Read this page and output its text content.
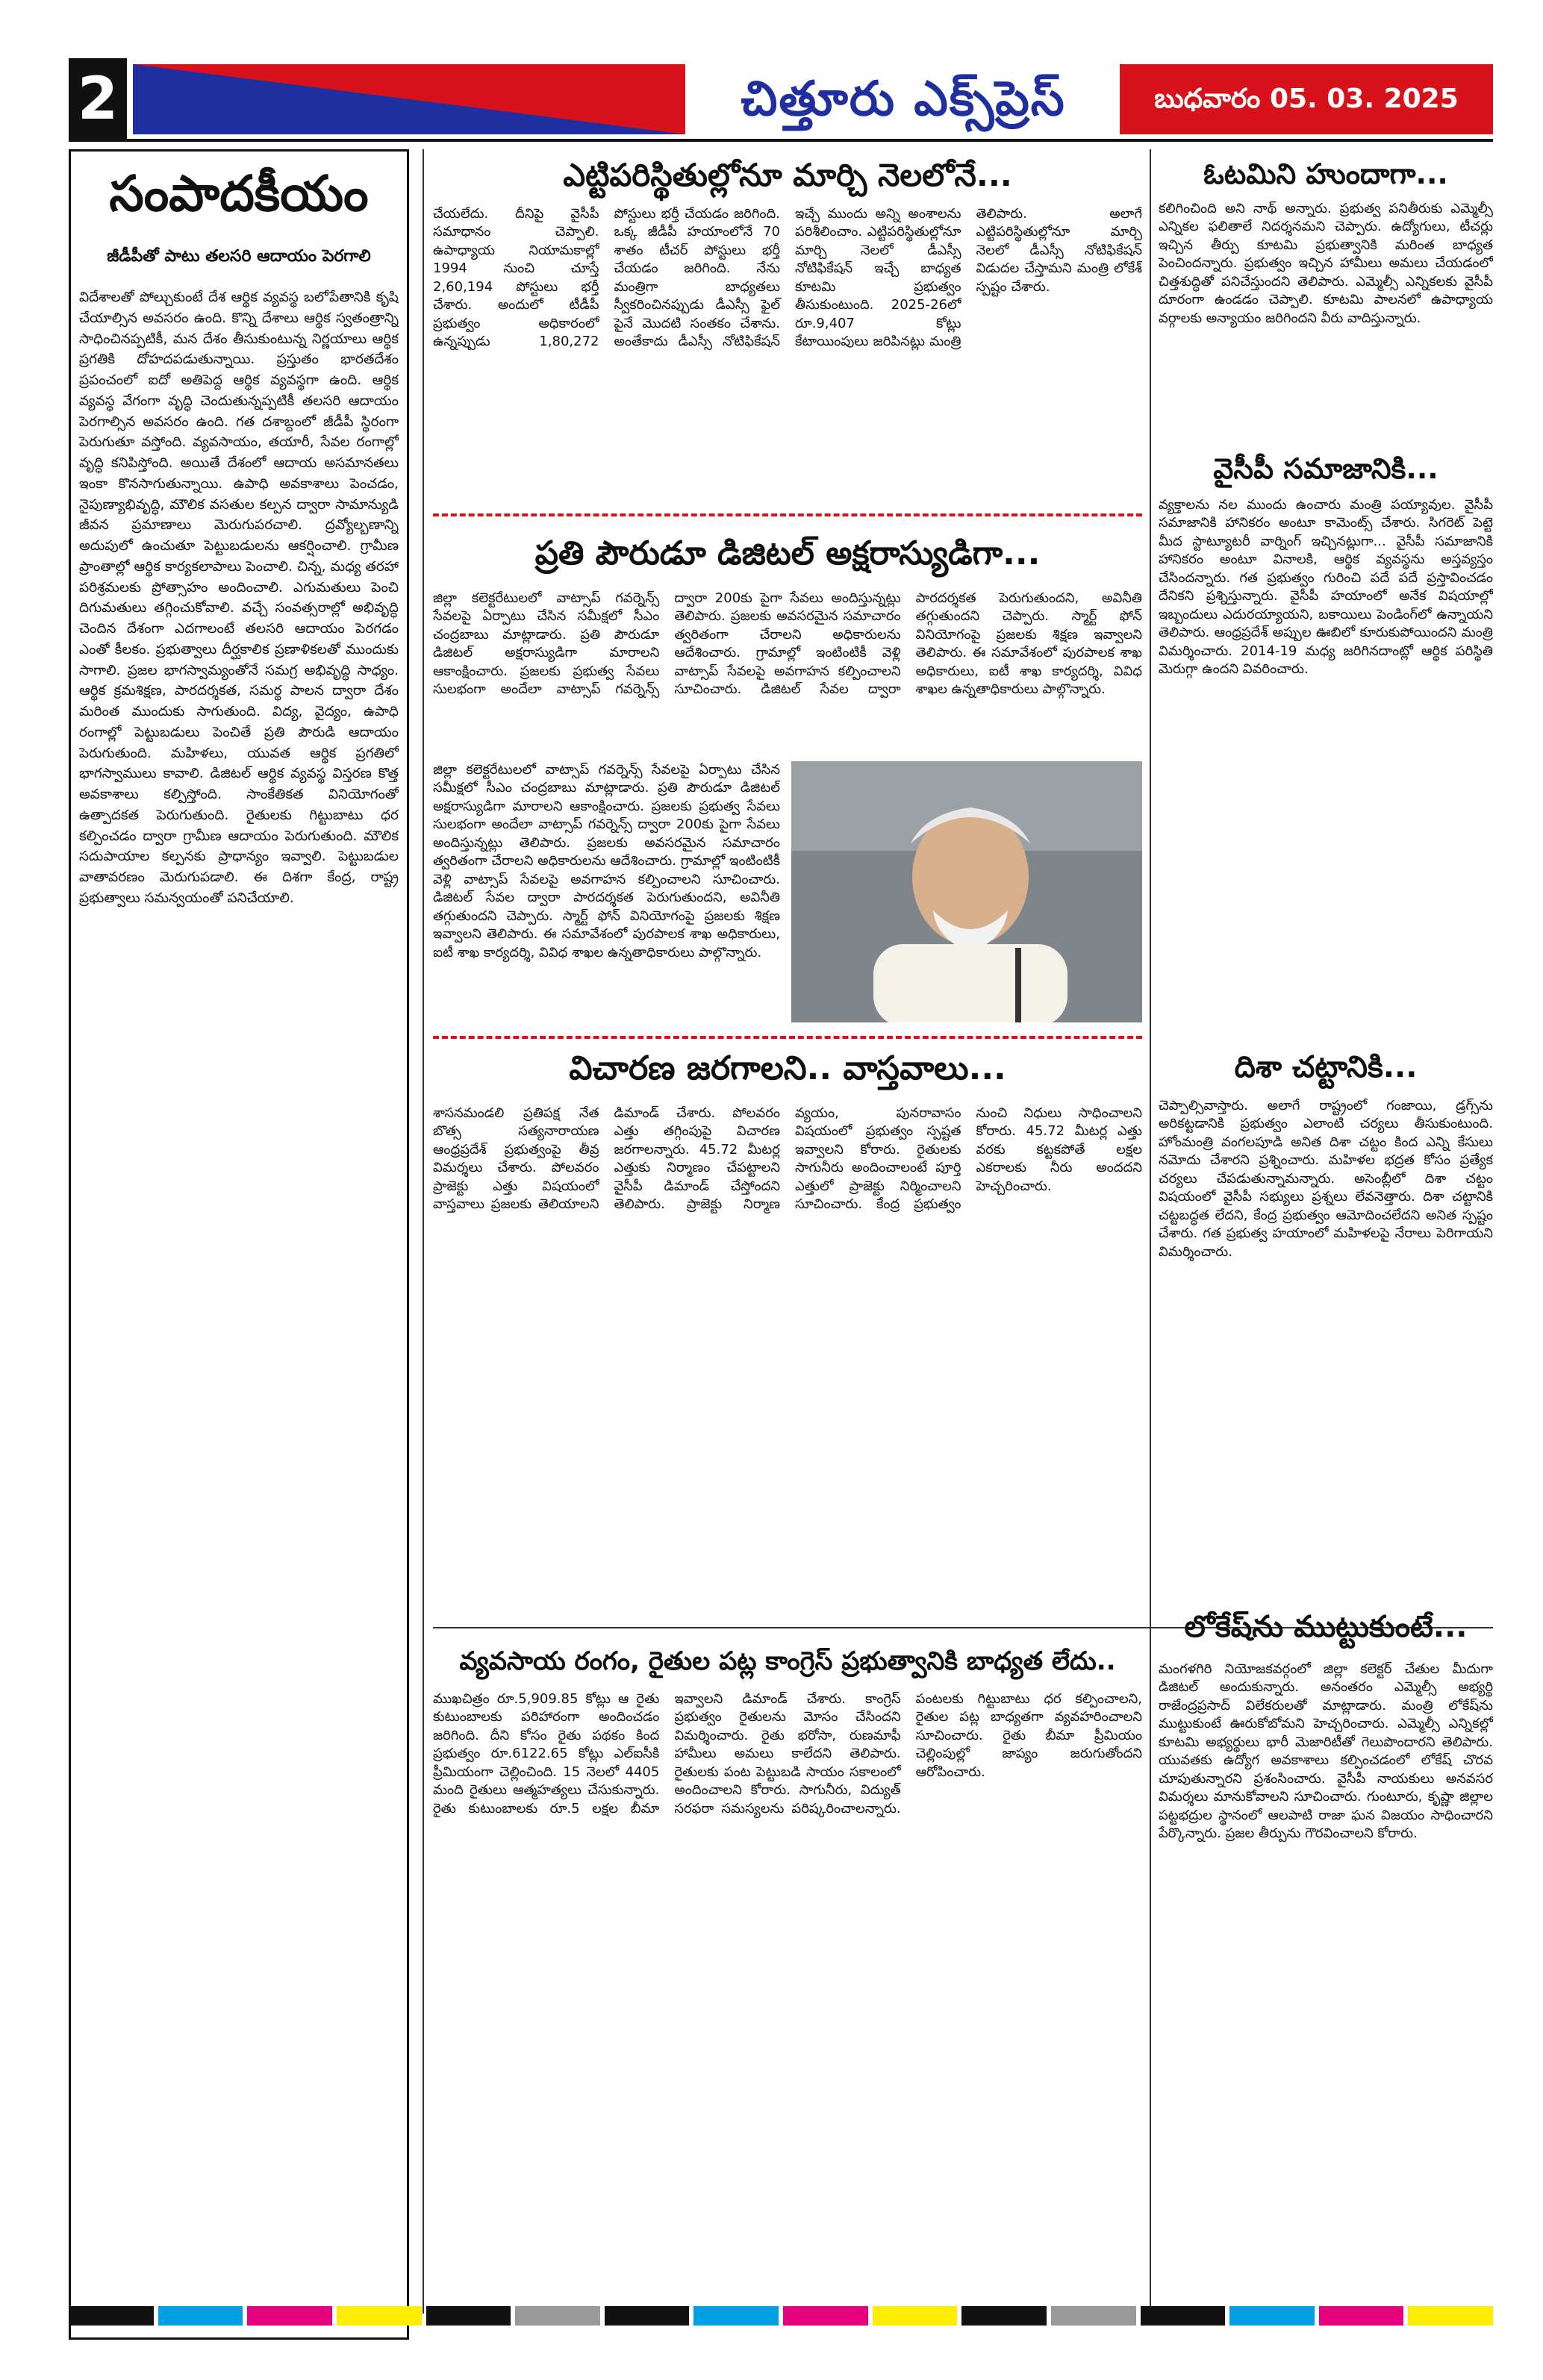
2	చిత్తూరు ఎక్స్‌ప్రెస్	బుధవారం 05. 03. 2025
సంపాదకీయం
జీడీపీతో పాటు తలసరి ఆదాయం పెరగాలి

విదేశాలతో పోల్చుకుంటే దేశ ఆర్థిక వ్యవస్థ బలోపేతానికి కృషి చేయాల్సిన అవసరం ఉంది. కొన్ని దేశాలు ఆర్థిక స్వతంత్రాన్ని సాధించినప్పటికీ, మన దేశం తీసుకుంటున్న నిర్ణయాలు ఆర్థిక ప్రగతికి దోహదపడుతున్నాయి. ప్రస్తుతం భారతదేశం ప్రపంచంలో ఐదో అతిపెద్ద ఆర్థిక వ్యవస్థగా ఉంది. ఆర్థిక వ్యవస్థ వేగంగా వృద్ధి చెందుతున్నప్పటికీ తలసరి ఆదాయం పెరగాల్సిన అవసరం ఉంది. గత దశాబ్దంలో జీడీపీ స్థిరంగా పెరుగుతూ వస్తోంది. వ్యవసాయం, తయారీ, సేవల రంగాల్లో వృద్ధి కనిపిస్తోంది. అయితే దేశంలో ఆదాయ అసమానతలు ఇంకా కొనసాగుతున్నాయి. ఉపాధి అవకాశాలు పెంచడం, నైపుణ్యాభివృద్ధి, మౌలిక వసతుల కల్పన ద్వారా సామాన్యుడి జీవన ప్రమాణాలు మెరుగుపరచాలి. ద్రవ్యోల్బణాన్ని అదుపులో ఉంచుతూ పెట్టుబడులను ఆకర్షించాలి. గ్రామీణ ప్రాంతాల్లో ఆర్థిక కార్యకలాపాలు పెంచాలి. చిన్న, మధ్య తరహా పరిశ్రమలకు ప్రోత్సాహం అందించాలి. ఎగుమతులు పెంచి దిగుమతులు తగ్గించుకోవాలి. వచ్చే సంవత్సరాల్లో అభివృద్ధి చెందిన దేశంగా ఎదగాలంటే తలసరి ఆదాయం పెరగడం ఎంతో కీలకం. ప్రభుత్వాలు దీర్ఘకాలిక ప్రణాళికలతో ముందుకు సాగాలి. ప్రజల భాగస్వామ్యంతోనే సమగ్ర అభివృద్ధి సాధ్యం. ఆర్థిక క్రమశిక్షణ, పారదర్శకత, సమర్థ పాలన ద్వారా దేశం మరింత ముందుకు సాగుతుంది. విద్య, వైద్యం, ఉపాధి రంగాల్లో పెట్టుబడులు పెంచితే ప్రతి పౌరుడి ఆదాయం పెరుగుతుంది. మహిళలు, యువత ఆర్థిక ప్రగతిలో భాగస్వాములు కావాలి. డిజిటల్ ఆర్థిక వ్యవస్థ విస్తరణ కొత్త అవకాశాలు కల్పిస్తోంది. సాంకేతికత వినియోగంతో ఉత్పాదకత పెరుగుతుంది. రైతులకు గిట్టుబాటు ధర కల్పించడం ద్వారా గ్రామీణ ఆదాయం పెరుగుతుంది. మౌలిక సదుపాయాల కల్పనకు ప్రాధాన్యం ఇవ్వాలి. పెట్టుబడుల వాతావరణం మెరుగుపడాలి. ఈ దిశగా కేంద్ర, రాష్ట్ర ప్రభుత్వాలు సమన్వయంతో పనిచేయాలి.

ఎట్టిపరిస్థితుల్లోనూ మార్చి నెలలోనే...

చేయలేదు. దీనిపై వైసీపీ సమాధానం చెప్పాలి. ఉపాధ్యాయ నియామకాల్లో 1994 నుంచి చూస్తే 2,60,194 పోస్టులు భర్తీ చేశారు. అందులో టీడీపీ ప్రభుత్వం అధికారంలో ఉన్నప్పుడు 1,80,272 పోస్టులు భర్తీ చేయడం జరిగింది. ఒక్క జీడీపీ హయాంలోనే 70 శాతం టీచర్ పోస్టులు భర్తీ చేయడం జరిగింది. నేను మంత్రిగా బాధ్యతలు స్వీకరించినప్పుడు డీఎస్సీ ఫైల్ పైనే మొదటి సంతకం చేశాను. అంతేకాదు డీఎస్సీ నోటిఫికేషన్ ఇచ్చే ముందు అన్ని అంశాలను పరిశీలించాం. ఎట్టిపరిస్థితుల్లోనూ మార్చి నెలలో డీఎస్సీ నోటిఫికేషన్ ఇచ్చే బాధ్యత కూటమి ప్రభుత్వం తీసుకుంటుంది. 2025-26లో రూ.9,407 కోట్లు కేటాయింపులు జరిపినట్లు మంత్రి తెలిపారు. అలాగే ఎట్టిపరిస్థితుల్లోనూ మార్చి నెలలో డీఎస్సీ నోటిఫికేషన్ విడుదల చేస్తామని మంత్రి లోకేశ్ స్పష్టం చేశారు.

ఓటమిని హుందాగా...

కలిగించింది అని నాథ్ అన్నారు. ప్రభుత్వ పనితీరుకు ఎమ్మెల్సీ ఎన్నికల ఫలితాలే నిదర్శనమని చెప్పారు. ఉద్యోగులు, టీచర్లు ఇచ్చిన తీర్పు కూటమి ప్రభుత్వానికి మరింత బాధ్యత పెంచిందన్నారు. ప్రభుత్వం ఇచ్చిన హామీలు అమలు చేయడంలో చిత్తశుద్ధితో పనిచేస్తుందని తెలిపారు. ఎమ్మెల్సీ ఎన్నికలకు వైసీపీ దూరంగా ఉండడం చెప్పాలి. కూటమి పాలనలో ఉపాధ్యాయ వర్గాలకు అన్యాయం జరిగిందని వీరు వాదిస్తున్నారు.

వైసీపీ సమాజానికి...

వ్యక్తాలను నల ముందు ఉంచారు మంత్రి పయ్యావుల. వైసీపీ సమాజానికి హానికరం అంటూ కామెంట్స్ చేశారు. సిగరెట్ పెట్టె మీద స్టాట్యూటరీ వార్నింగ్ ఇచ్చినట్లుగా... వైసీపీ సమాజానికి హానికరం అంటూ వినాలకి, ఆర్థిక వ్యవస్థను అస్తవ్యస్తం చేసిందన్నారు. గత ప్రభుత్వం గురించి పదే పదే ప్రస్తావించడం దేనికని ప్రశ్నిస్తున్నారు. వైసీపీ హయాంలో అనేక విషయాల్లో ఇబ్బందులు ఎదురయ్యాయని, బకాయిలు పెండింగ్‌లో ఉన్నాయని తెలిపారు. ఆంధ్రప్రదేశ్ అప్పుల ఊబిలో కూరుకుపోయిందని మంత్రి విమర్శించారు. 2014-19 మధ్య జరిగినదాంట్లో ఆర్థిక పరిస్థితి మెరుగ్గా ఉందని వివరించారు.

ప్రతి పౌరుడూ డిజిటల్ అక్షరాస్యుడిగా...

జిల్లా కలెక్టరేటులలో వాట్సాప్ గవర్నెన్స్ సేవలపై ఏర్పాటు చేసిన సమీక్షలో సీఎం చంద్రబాబు మాట్లాడారు. ప్రతి పౌరుడూ డిజిటల్ అక్షరాస్యుడిగా మారాలని ఆకాంక్షించారు. ప్రజలకు ప్రభుత్వ సేవలు సులభంగా అందేలా వాట్సాప్ గవర్నెన్స్ ద్వారా 200కు పైగా సేవలు అందిస్తున్నట్లు తెలిపారు. ప్రజలకు అవసరమైన సమాచారం త్వరితంగా చేరాలని అధికారులను ఆదేశించారు. గ్రామాల్లో ఇంటింటికీ వెళ్లి వాట్సాప్ సేవలపై అవగాహన కల్పించాలని సూచించారు. డిజిటల్ సేవల ద్వారా పారదర్శకత పెరుగుతుందని, అవినీతి తగ్గుతుందని చెప్పారు. స్మార్ట్ ఫోన్ వినియోగంపై ప్రజలకు శిక్షణ ఇవ్వాలని తెలిపారు. ఈ సమావేశంలో పురపాలక శాఖ అధికారులు, ఐటీ శాఖ కార్యదర్శి, వివిధ శాఖల ఉన్నతాధికారులు పాల్గొన్నారు.

జిల్లా కలెక్టరేటులలో వాట్సాప్ గవర్నెన్స్ సేవలపై ఏర్పాటు చేసిన సమీక్షలో సీఎం చంద్రబాబు మాట్లాడారు. ప్రతి పౌరుడూ డిజిటల్ అక్షరాస్యుడిగా మారాలని ఆకాంక్షించారు. ప్రజలకు ప్రభుత్వ సేవలు సులభంగా అందేలా వాట్సాప్ గవర్నెన్స్ ద్వారా 200కు పైగా సేవలు అందిస్తున్నట్లు తెలిపారు. ప్రజలకు అవసరమైన సమాచారం త్వరితంగా చేరాలని అధికారులను ఆదేశించారు. గ్రామాల్లో ఇంటింటికీ వెళ్లి వాట్సాప్ సేవలపై అవగాహన కల్పించాలని సూచించారు. డిజిటల్ సేవల ద్వారా పారదర్శకత పెరుగుతుందని, అవినీతి తగ్గుతుందని చెప్పారు. స్మార్ట్ ఫోన్ వినియోగంపై ప్రజలకు శిక్షణ ఇవ్వాలని తెలిపారు. ఈ సమావేశంలో పురపాలక శాఖ అధికారులు, ఐటీ శాఖ కార్యదర్శి, వివిధ శాఖల ఉన్నతాధికారులు పాల్గొన్నారు.

విచారణ జరగాలని.. వాస్తవాలు...

శాసనమండలి ప్రతిపక్ష నేత బొత్స సత్యనారాయణ ఆంధ్రప్రదేశ్ ప్రభుత్వంపై తీవ్ర విమర్శలు చేశారు. పోలవరం ప్రాజెక్టు ఎత్తు విషయంలో వాస్తవాలు ప్రజలకు తెలియాలని డిమాండ్ చేశారు. పోలవరం ఎత్తు తగ్గింపుపై విచారణ జరగాలన్నారు. 45.72 మీటర్ల ఎత్తుకు నిర్మాణం చేపట్టాలని వైసీపీ డిమాండ్ చేస్తోందని తెలిపారు. ప్రాజెక్టు నిర్మాణ వ్యయం, పునరావాసం విషయంలో ప్రభుత్వం స్పష్టత ఇవ్వాలని కోరారు. రైతులకు సాగునీరు అందించాలంటే పూర్తి ఎత్తులో ప్రాజెక్టు నిర్మించాలని సూచించారు. కేంద్ర ప్రభుత్వం నుంచి నిధులు సాధించాలని కోరారు. 45.72 మీటర్ల ఎత్తు వరకు కట్టకపోతే లక్షల ఎకరాలకు నీరు అందదని హెచ్చరించారు.

దిశా చట్టానికి...

చెప్పాల్సివాస్తారు. అలాగే రాష్ట్రంలో గంజాయి, డ్రగ్స్‌ను అరికట్టడానికి ప్రభుత్వం ఎలాంటి చర్యలు తీసుకుంటుంది. హోంమంత్రి వంగలపూడి అనిత దిశా చట్టం కింద ఎన్ని కేసులు నమోదు చేశారని ప్రశ్నించారు. మహిళల భద్రత కోసం ప్రత్యేక చర్యలు చేపడుతున్నామన్నారు. అసెంబ్లీలో దిశా చట్టం విషయంలో వైసీపీ సభ్యులు ప్రశ్నలు లేవనెత్తారు. దిశా చట్టానికి చట్టబద్ధత లేదని, కేంద్ర ప్రభుత్వం ఆమోదించలేదని అనిత స్పష్టం చేశారు. గత ప్రభుత్వ హయాంలో మహిళలపై నేరాలు పెరిగాయని విమర్శించారు.

లోకేష్‌ను ముట్టుకుంటే...

మంగళగిరి నియోజకవర్గంలో జిల్లా కలెక్టర్ చేతుల మీదుగా డిజిటల్ అందుకున్నారు. అనంతరం ఎమ్మెల్సీ అభ్యర్థి రాజేంద్రప్రసాద్ విలేకరులతో మాట్లాడారు. మంత్రి లోకేష్‌ను ముట్టుకుంటే ఊరుకోబోమని హెచ్చరించారు. ఎమ్మెల్సీ ఎన్నికల్లో కూటమి అభ్యర్థులు భారీ మెజారిటీతో గెలుపొందారని తెలిపారు. యువతకు ఉద్యోగ అవకాశాలు కల్పించడంలో లోకేష్ చొరవ చూపుతున్నారని ప్రశంసించారు. వైసీపీ నాయకులు అనవసర విమర్శలు మానుకోవాలని సూచించారు. గుంటూరు, కృష్ణా జిల్లాల పట్టభద్రుల స్థానంలో ఆలపాటి రాజా ఘన విజయం సాధించారని పేర్కొన్నారు. ప్రజల తీర్పును గౌరవించాలని కోరారు.

వ్యవసాయ రంగం, రైతుల పట్ల కాంగ్రెస్ ప్రభుత్వానికి బాధ్యత లేదు..

ముఖచిత్రం రూ.5,909.85 కోట్లు ఆ రైతు కుటుంబాలకు పరిహారంగా అందించడం జరిగింది. దీని కోసం రైతు పథకం కింద ప్రభుత్వం రూ.6122.65 కోట్లు ఎల్ఐసీకి ప్రీమియంగా చెల్లించింది. 15 నెలలో 4405 మంది రైతులు ఆత్మహత్యలు చేసుకున్నారు. రైతు కుటుంబాలకు రూ.5 లక్షల బీమా ఇవ్వాలని డిమాండ్ చేశారు. కాంగ్రెస్ ప్రభుత్వం రైతులను మోసం చేసిందని విమర్శించారు. రైతు భరోసా, రుణమాఫీ హామీలు అమలు కాలేదని తెలిపారు. రైతులకు పంట పెట్టుబడి సాయం సకాలంలో అందించాలని కోరారు. సాగునీరు, విద్యుత్ సరఫరా సమస్యలను పరిష్కరించాలన్నారు. పంటలకు గిట్టుబాటు ధర కల్పించాలని, రైతుల పట్ల బాధ్యతగా వ్యవహరించాలని సూచించారు. రైతు బీమా ప్రీమియం చెల్లింపుల్లో జాప్యం జరుగుతోందని ఆరోపించారు.
